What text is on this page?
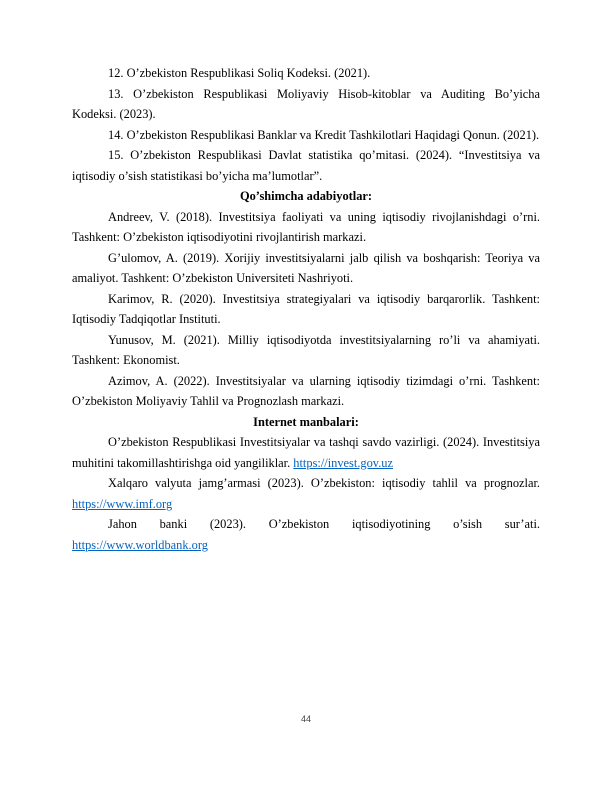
12. O’zbekiston Respublikasi Soliq Kodeksi. (2021).

13. O’zbekiston Respublikasi Moliyaviy Hisob-kitoblar va Auditing Bo’yicha Kodeksi. (2023).

14. O’zbekiston Respublikasi Banklar va Kredit Tashkilotlari Haqidagi Qonun. (2021).

15. O’zbekiston Respublikasi Davlat statistika qo’mitasi. (2024). “Investitsiya va iqtisodiy o’sish statistikasi bo’yicha ma’lumotlar”.

Qo’shimcha adabiyotlar:

Andreev, V. (2018). Investitsiya faoliyati va uning iqtisodiy rivojlanishdagi o’rni. Tashkent: O’zbekiston iqtisodiyotini rivojlantirish markazi.

G’ulomov, A. (2019). Xorijiy investitsiyalarni jalb qilish va boshqarish: Teoriya va amaliyot. Tashkent: O’zbekiston Universiteti Nashriyoti.

Karimov, R. (2020). Investitsiya strategiyalari va iqtisodiy barqarorlik. Tashkent: Iqtisodiy Tadqiqotlar Instituti.

Yunusov, M. (2021). Milliy iqtisodiyotda investitsiyalarning ro’li va ahamiyati. Tashkent: Ekonomist.

Azimov, A. (2022). Investitsiyalar va ularning iqtisodiy tizimdagi o’rni. Tashkent: O’zbekiston Moliyaviy Tahlil va Prognozlash markazi.

Internet manbalari:

O’zbekiston Respublikasi Investitsiyalar va tashqi savdo vazirligi. (2024). Investitsiya muhitini takomillashtirishga oid yangiliklar. https://invest.gov.uz

Xalqaro valyuta jamg’armasi (2023). O’zbekiston: iqtisodiy tahlil va prognozlar. https://www.imf.org

Jahon banki (2023). O’zbekiston iqtisodiyotining o’sish sur’ati. https://www.worldbank.org

44
